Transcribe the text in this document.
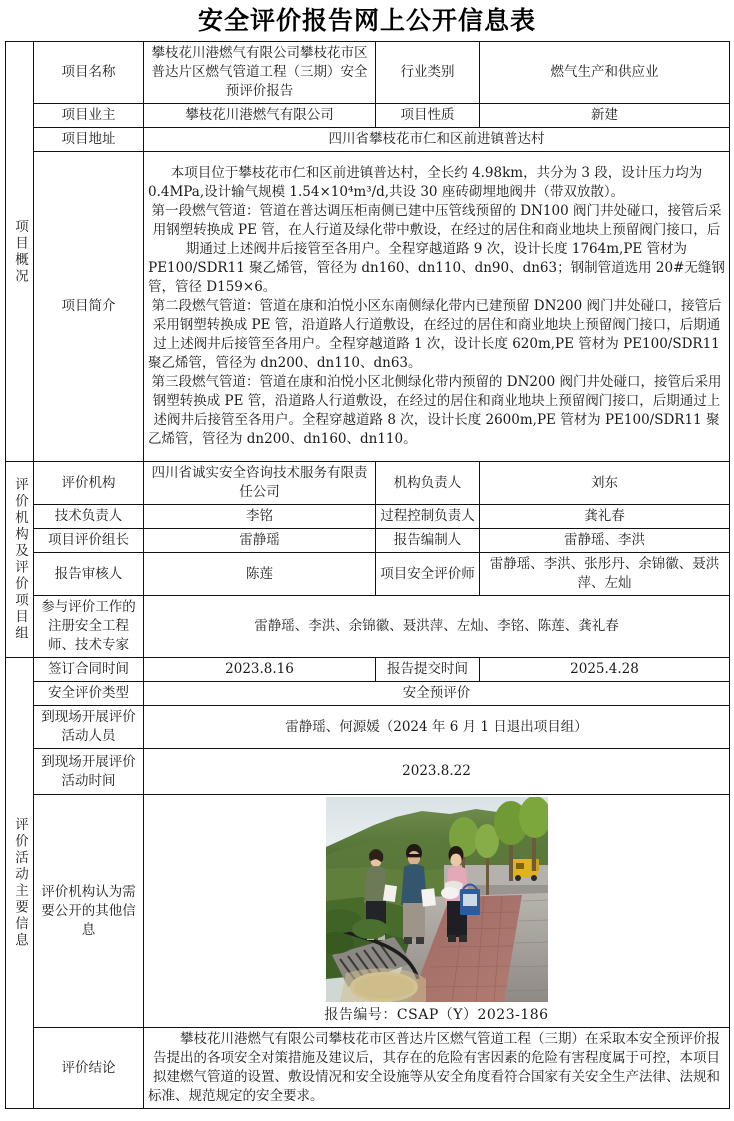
安全评价报告网上公开信息表
项目概况	项目名称	攀枝花川港燃气有限公司攀枝花市区普达片区燃气管道工程（三期）安全预评价报告	行业类别	燃气生产和供应业
	项目业主	攀枝花川港燃气有限公司	项目性质	新建
	项目地址	四川省攀枝花市仁和区前进镇普达村		
	项目简介	本项目位于攀枝花市仁和区前进镇普达村，全长约 4.98km，共分为 3 段，设计压力均为 0.4MPa,设计输气规模 1.54×10⁴m³/d,共设 30 座砖砌埋地阀井（带双放散）。

第一段燃气管道：管道在普达调压柜南侧已建中压管线预留的 DN100 阀门井处碰口，接管后采用钢塑转换成 PE 管，在人行道及绿化带中敷设，在经过的居住和商业地块上预留阀门接口，后期通过上述阀井后接管至各用户。全程穿越道路 9 次，设计长度 1764m,PE 管材为 PE100/SDR11 聚乙烯管，管径为 dn160、dn110、dn90、dn63；钢制管道选用 20#无缝钢管，管径 D159×6。

第二段燃气管道：管道在康和泊悦小区东南侧绿化带内已建预留 DN200 阀门井处碰口，接管后采用钢塑转换成 PE 管，沿道路人行道敷设，在经过的居住和商业地块上预留阀门接口，后期通过上述阀井后接管至各用户。全程穿越道路 1 次，设计长度 620m,PE 管材为 PE100/SDR11 聚乙烯管，管径为 dn200、dn110、dn63。

第三段燃气管道：管道在康和泊悦小区北侧绿化带内预留的 DN200 阀门井处碰口，接管后采用钢塑转换成 PE 管，沿道路人行道敷设，在经过的居住和商业地块上预留阀门接口，后期通过上述阀井后接管至各用户。全程穿越道路 8 次，设计长度 2600m,PE 管材为 PE100/SDR11 聚乙烯管，管径为 dn200、dn160、dn110。		

评价机构及评价项目组	评价机构	四川省诚实安全咨询技术服务有限责任公司	机构负责人	刘东
	技术负责人	李铭	过程控制负责人	龚礼春
	项目评价组长	雷静瑶	报告编制人	雷静瑶、李洪
	报告审核人	陈莲	项目安全评价师	雷静瑶、李洪、张彤丹、余锦徽、聂洪萍、左灿
	参与评价工作的注册安全工程师、技术专家	雷静瑶、李洪、余锦徽、聂洪萍、左灿、李铭、陈莲、龚礼春		

评价活动主要信息	签订合同时间	2023.8.16	报告提交时间	2025.4.28
	安全评价类型	安全预评价		
	到现场开展评价活动人员	雷静瑶、何源媛（2024 年 6 月 1 日退出项目组）		
	到现场开展评价活动时间	2023.8.22		
	评价机构认为需要公开的其他信息	报告编号：CSAP（Y）2023-186		

	评价结论	攀枝花川港燃气有限公司攀枝花市区普达片区燃气管道工程（三期）在采取本安全预评价报告提出的各项安全对策措施及建议后，其存在的危险有害因素的危险有害程度属于可控，本项目拟建燃气管道的设置、敷设情况和安全设施等从安全角度看符合国家有关安全生产法律、法规和标准、规范规定的安全要求。		
